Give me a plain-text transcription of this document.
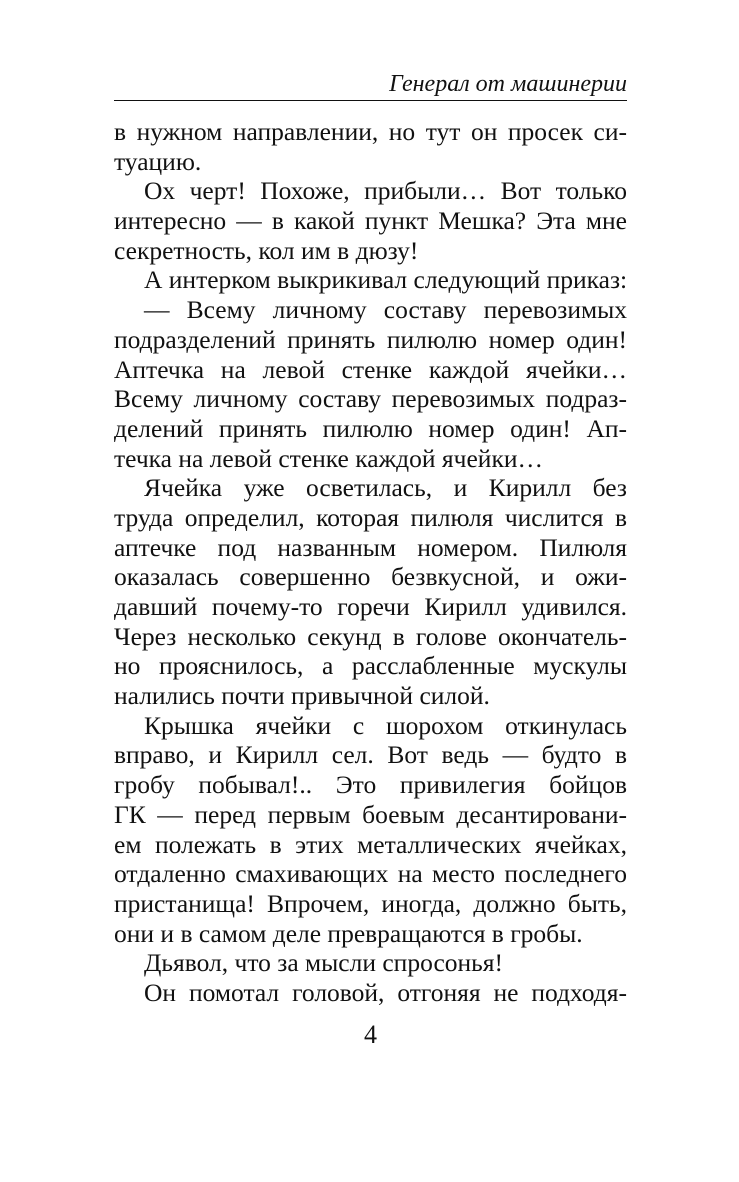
Генерал от машинерии
в нужном направлении, но тут он просек си-
туацию.
Ох черт! Похоже, прибыли… Вот только
интересно — в какой пункт Мешка? Эта мне
секретность, кол им в дюзу!
А интерком выкрикивал следующий приказ:
— Всему личному составу перевозимых
подразделений принять пилюлю номер один!
Аптечка на левой стенке каждой ячейки…
Всему личному составу перевозимых подраз-
делений принять пилюлю номер один! Ап-
течка на левой стенке каждой ячейки…
Ячейка уже осветилась, и Кирилл без
труда определил, которая пилюля числится в
аптечке под названным номером. Пилюля
оказалась совершенно безвкусной, и ожи-
давший почему-то горечи Кирилл удивился.
Через несколько секунд в голове окончатель-
но прояснилось, а расслабленные мускулы
налились почти привычной силой.
Крышка ячейки с шорохом откинулась
вправо, и Кирилл сел. Вот ведь — будто в
гробу побывал!.. Это привилегия бойцов
ГК — перед первым боевым десантировани-
ем полежать в этих металлических ячейках,
отдаленно смахивающих на место последнего
пристанища! Впрочем, иногда, должно быть,
они и в самом деле превращаются в гробы.
Дьявол, что за мысли спросонья!
Он помотал головой, отгоняя не подходя-
4
